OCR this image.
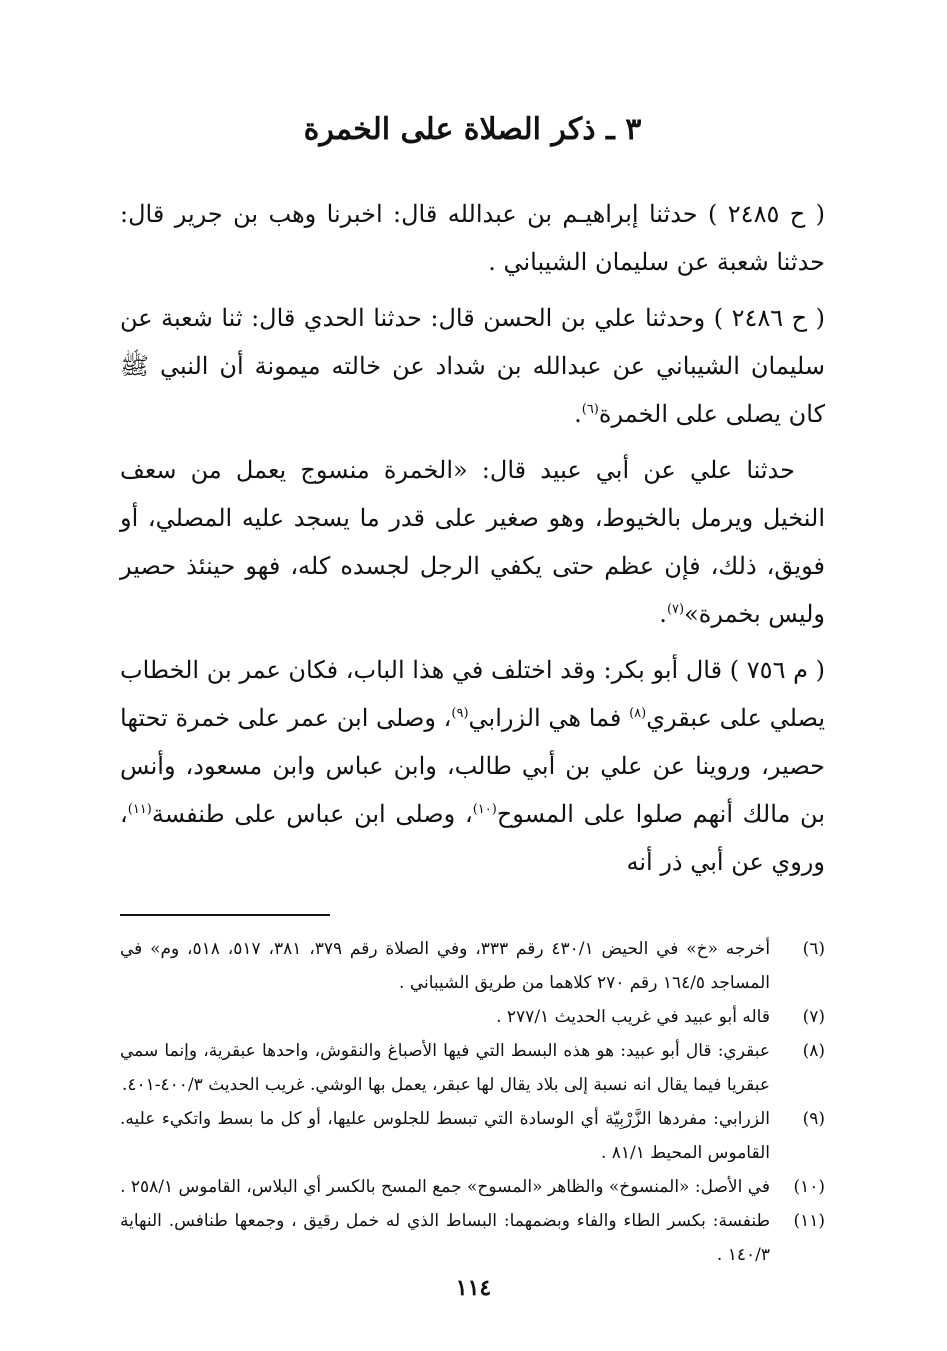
٣ ـ ذكر الصلاة على الخمرة

( ح ٢٤٨٥ ) حدثنا إبراهيـم بن عبدالله قال: اخبرنا وهب بن جرير قال: حدثنا شعبة عن سليمان الشيباني .

( ح ٢٤٨٦ ) وحدثنا علي بن الحسن قال: حدثنا الحدي قال: ثنا شعبة عن سليمان الشيباني عن عبدالله بن شداد عن خالته ميمونة أن النبي ﷺ كان يصلى على الخمرة$^{(٦)}$.

حدثنا علي عن أبي عبيد قال: «الخمرة منسوج يعمل من سعف النخيل ويرمل بالخيوط، وهو صغير على قدر ما يسجد عليه المصلي، أو فويق، ذلك، فإن عظم حتى يكفي الرجل لجسده كله، فهو حينئذ حصير وليس بخمرة»$^{(٧)}$.

( م ٧٥٦ ) قال أبو بكر: وقد اختلف في هذا الباب، فكان عمر بن الخطاب يصلي على عبقري$^{(٨)}$ فما هي الزرابي$^{(٩)}$، وصلى ابن عمر على خمرة تحتها حصير، وروينا عن علي بن أبي طالب، وابن عباس وابن مسعود، وأنس بن مالك أنهم صلوا على المسوح$^{(١٠)}$، وصلى ابن عباس على طنفسة$^{(١١)}$، وروي عن أبي ذر أنه

(٦)
أخرجه «خ» في الحيض ٤٣٠/١ رقم ٣٣٣، وفي الصلاة رقم ٣٧٩، ٣٨١، ٥١٧، ٥١٨، وم» في المساجد ١٦٤/٥ رقم ٢٧٠ كلاهما من طريق الشيباني .
(٧)
قاله أبو عبيد في غريب الحديث ٢٧٧/١ .
(٨)
عبقري: قال أبو عبيد: هو هذه البسط التي فيها الأصباغ والنقوش، واحدها عبقرية، وإنما سمي عبقريا فيما يقال انه نسبة إلى بلاد يقال لها عبقر، يعمل بها الوشي. غريب الحديث ٤٠٠/٣-٤٠١.
(٩)
الزرابي: مفردها الزَّرْبِيّة أي الوسادة التي تبسط للجلوس عليها، أو كل ما بسط واتكيء عليه. القاموس المحيط ٨١/١ .
(١٠)
في الأصل: «المنسوخ» والظاهر «المسوح» جمع المسح بالكسر أي البلاس، القاموس ٢٥٨/١ .
(١١)
طنفسة: بكسر الطاء والفاء وبضمهما: البساط الذي له خمل رقيق ، وجمعها طنافس. النهاية ١٤٠/٣ .
١١٤
